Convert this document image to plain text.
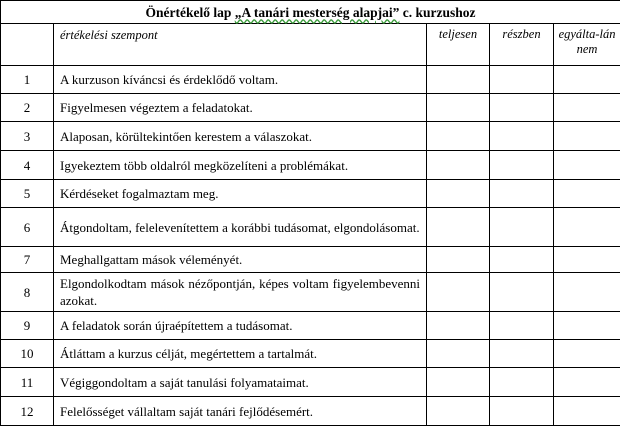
Önértékelő lap „A tanári mesterség alapjai” c. kurzushoz				
	értékelési szempont	teljesen	részben	egyálta-lán nem
1	A kurzuson kíváncsi és érdeklődő voltam.			
2	Figyelmesen végeztem a feladatokat.			
3	Alaposan, körültekintően kerestem a válaszokat.			
4	Igyekeztem több oldalról megközelíteni a problémákat.			
5	Kérdéseket fogalmaztam meg.			
6	Átgondoltam, felelevenítettem a korábbi tudásomat, elgondolásomat.			
7	Meghallgattam mások véleményét.			
8	Elgondolkodtam mások nézőpontján, képes voltam figyelembevenni azokat.			
9	A feladatok során újraépítettem a tudásomat.			
10	Átláttam a kurzus célját, megértettem a tartalmát.			
11	Végiggondoltam a saját tanulási folyamataimat.			
12	Felelősséget vállaltam saját tanári fejlődésemért.			
